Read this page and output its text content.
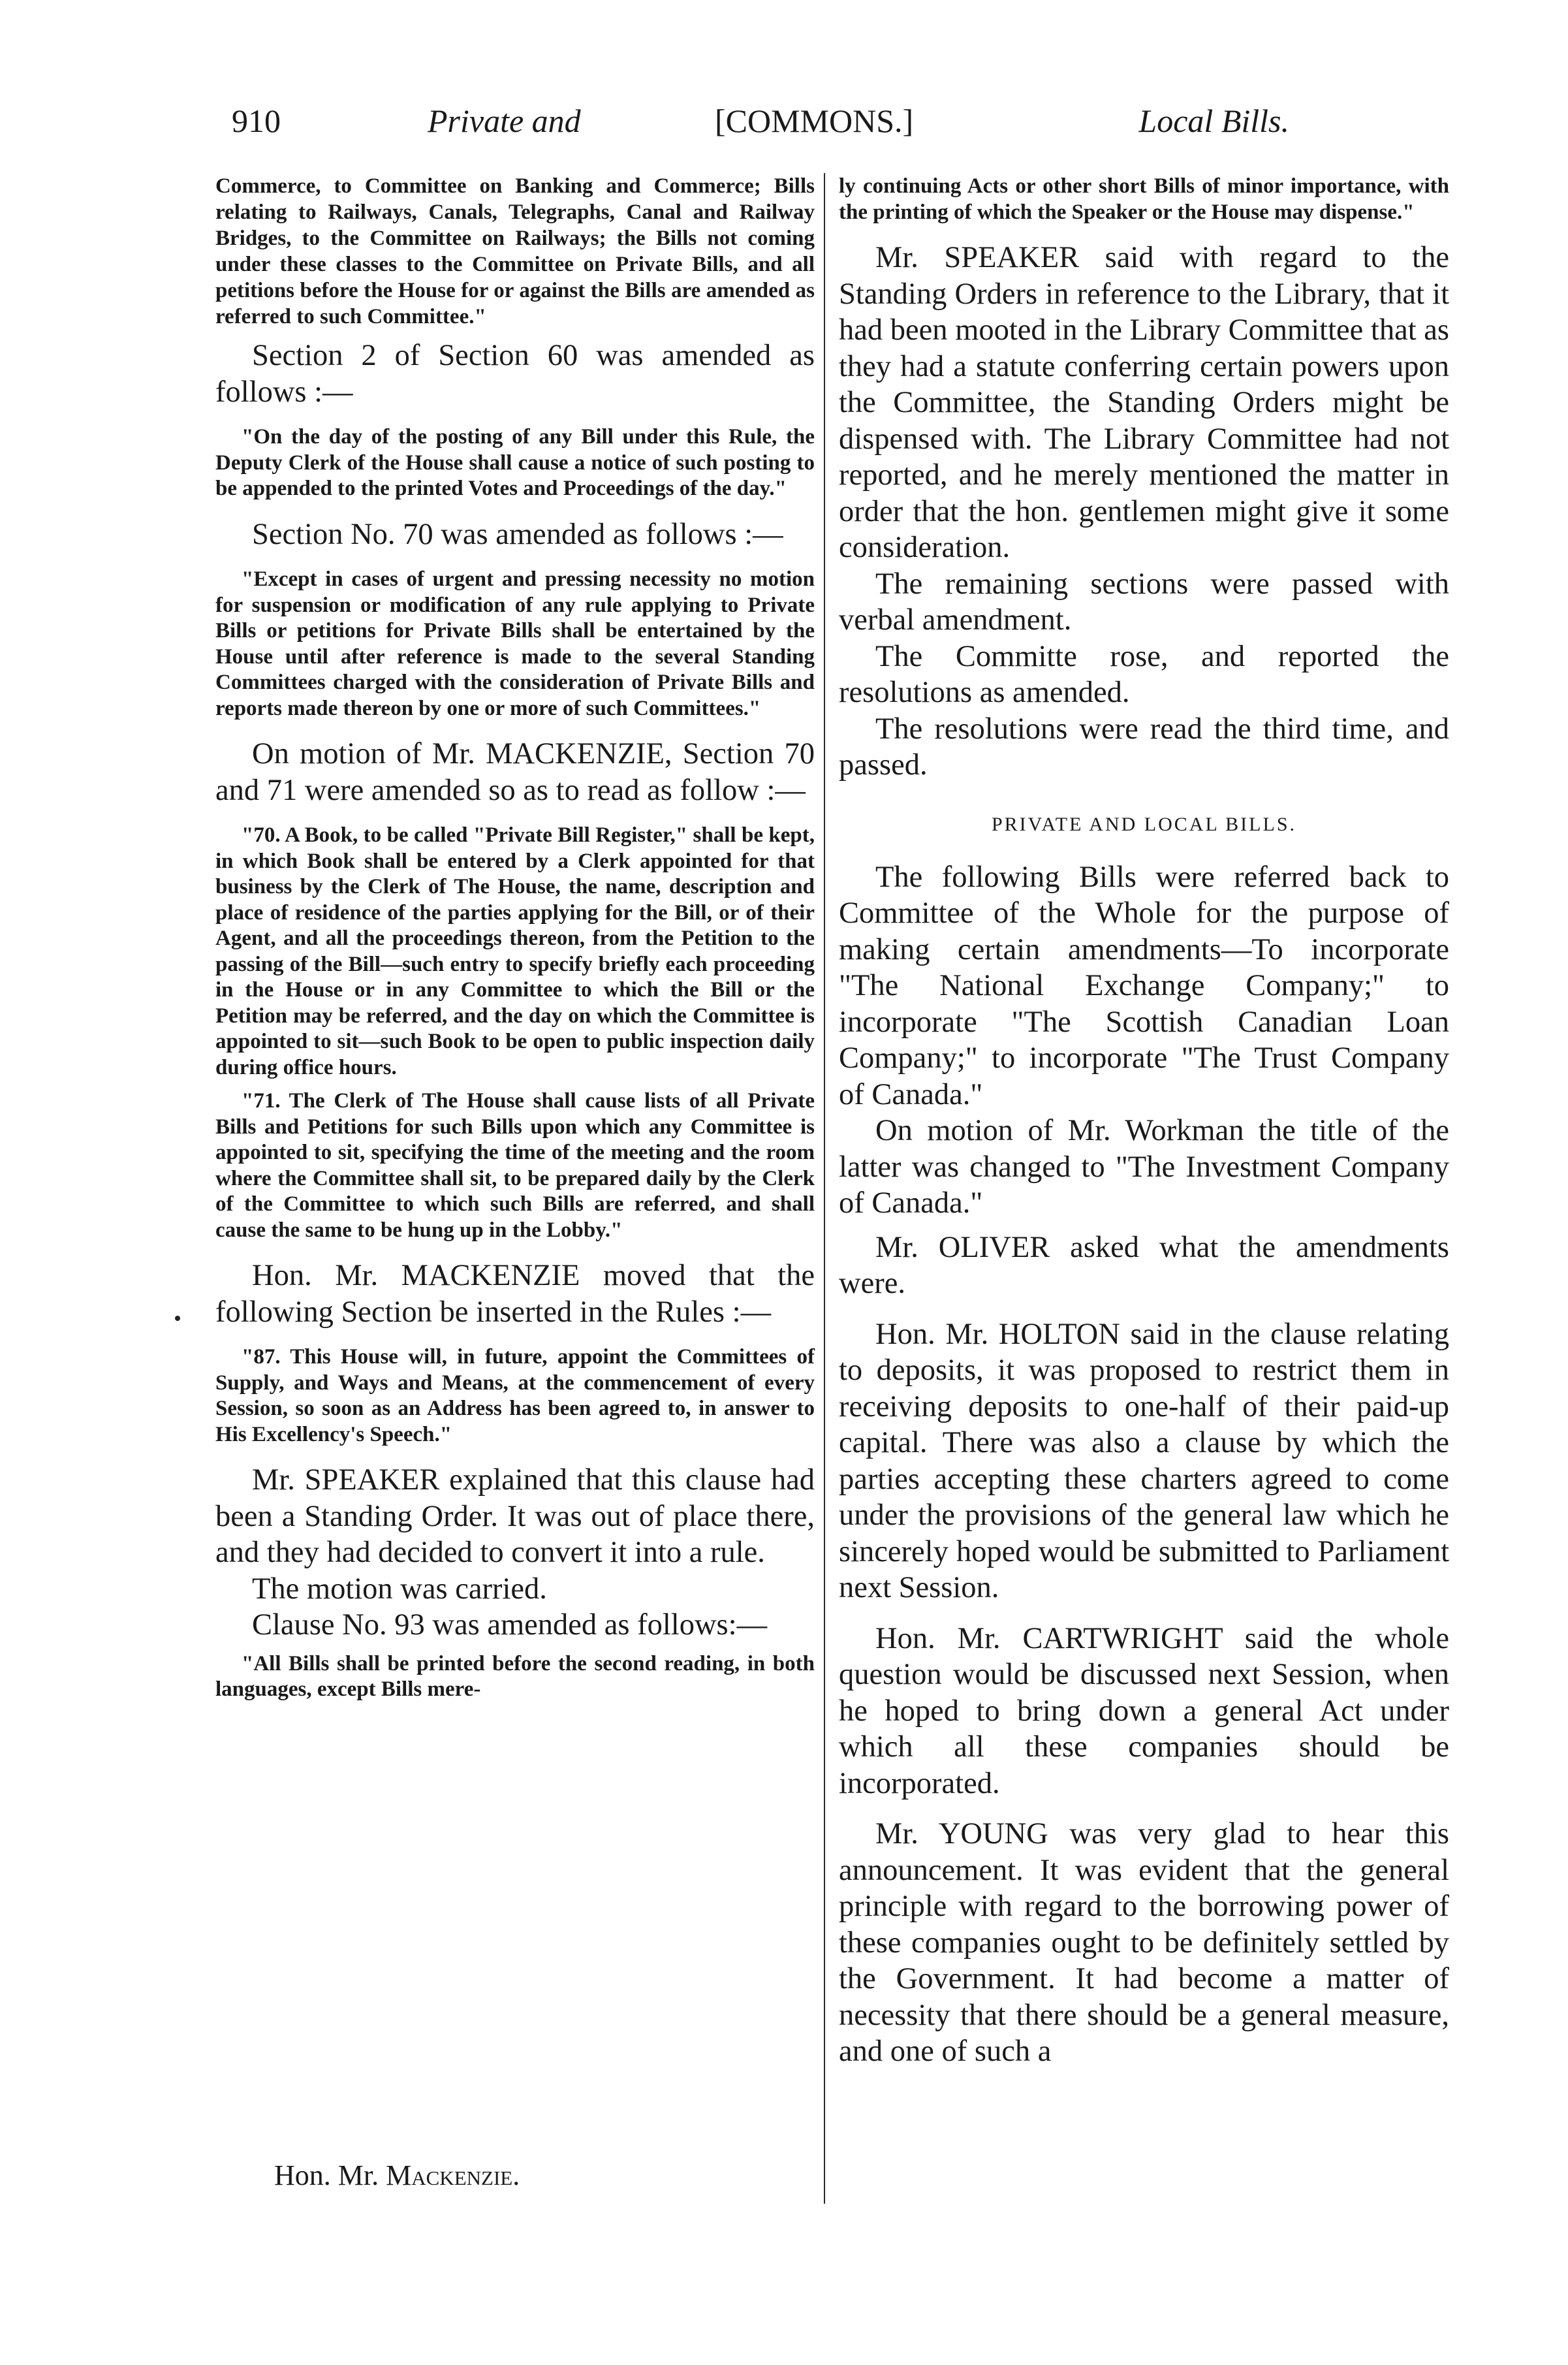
910	Private and	[COMMONS.]	Local Bills.

Commerce, to Committee on Banking and Commerce; Bills relating to Railways, Canals, Telegraphs, Canal and Railway Bridges, to the Committee on Railways; the Bills not coming under these classes to the Committee on Private Bills, and all petitions before the House for or against the Bills are amended as referred to such Committee."

Section 2 of Section 60 was amended as follows :—

"On the day of the posting of any Bill under this Rule, the Deputy Clerk of the House shall cause a notice of such posting to be appended to the printed Votes and Proceedings of the day."

Section No. 70 was amended as follows :—

"Except in cases of urgent and pressing necessity no motion for suspension or modification of any rule applying to Private Bills or petitions for Private Bills shall be entertained by the House until after reference is made to the several Standing Committees charged with the consideration of Private Bills and reports made thereon by one or more of such Committees."

On motion of Mr. MACKENZIE, Section 70 and 71 were amended so as to read as follow :—

"70. A Book, to be called "Private Bill Register," shall be kept, in which Book shall be entered by a Clerk appointed for that business by the Clerk of The House, the name, description and place of residence of the parties applying for the Bill, or of their Agent, and all the proceedings thereon, from the Petition to the passing of the Bill—such entry to specify briefly each proceeding in the House or in any Committee to which the Bill or the Petition may be referred, and the day on which the Committee is appointed to sit—such Book to be open to public inspection daily during office hours.

"71. The Clerk of The House shall cause lists of all Private Bills and Petitions for such Bills upon which any Committee is appointed to sit, specifying the time of the meeting and the room where the Committee shall sit, to be prepared daily by the Clerk of the Committee to which such Bills are referred, and shall cause the same to be hung up in the Lobby."

Hon. Mr. MACKENZIE moved that the following Section be inserted in the Rules :—

"87. This House will, in future, appoint the Committees of Supply, and Ways and Means, at the commencement of every Session, so soon as an Address has been agreed to, in answer to His Excellency's Speech."

Mr. SPEAKER explained that this clause had been a Standing Order. It was out of place there, and they had decided to convert it into a rule.

The motion was carried.

Clause No. 93 was amended as follows:—

"All Bills shall be printed before the second reading, in both languages, except Bills mere-

ly continuing Acts or other short Bills of minor importance, with the printing of which the Speaker or the House may dispense."

Mr. SPEAKER said with regard to the Standing Orders in reference to the Library, that it had been mooted in the Library Committee that as they had a statute conferring certain powers upon the Committee, the Standing Orders might be dispensed with. The Library Committee had not reported, and he merely mentioned the matter in order that the hon. gentlemen might give it some consideration.

The remaining sections were passed with verbal amendment.

The Committe rose, and reported the resolutions as amended.

The resolutions were read the third time, and passed.

PRIVATE AND LOCAL BILLS.

The following Bills were referred back to Committee of the Whole for the purpose of making certain amendments—To incorporate "The National Exchange Company;" to incorporate "The Scottish Canadian Loan Company;" to incorporate "The Trust Company of Canada."

On motion of Mr. Workman the title of the latter was changed to "The Investment Company of Canada."

Mr. OLIVER asked what the amendments were.

Hon. Mr. HOLTON said in the clause relating to deposits, it was proposed to restrict them in receiving deposits to one-half of their paid-up capital. There was also a clause by which the parties accepting these charters agreed to come under the provisions of the general law which he sincerely hoped would be submitted to Parliament next Session.

Hon. Mr. CARTWRIGHT said the whole question would be discussed next Session, when he hoped to bring down a general Act under which all these companies should be incorporated.

Mr. YOUNG was very glad to hear this announcement. It was evident that the general principle with regard to the borrowing power of these companies ought to be definitely settled by the Government. It had become a matter of necessity that there should be a general measure, and one of such a

Hon. Mr. Mackenzie.
